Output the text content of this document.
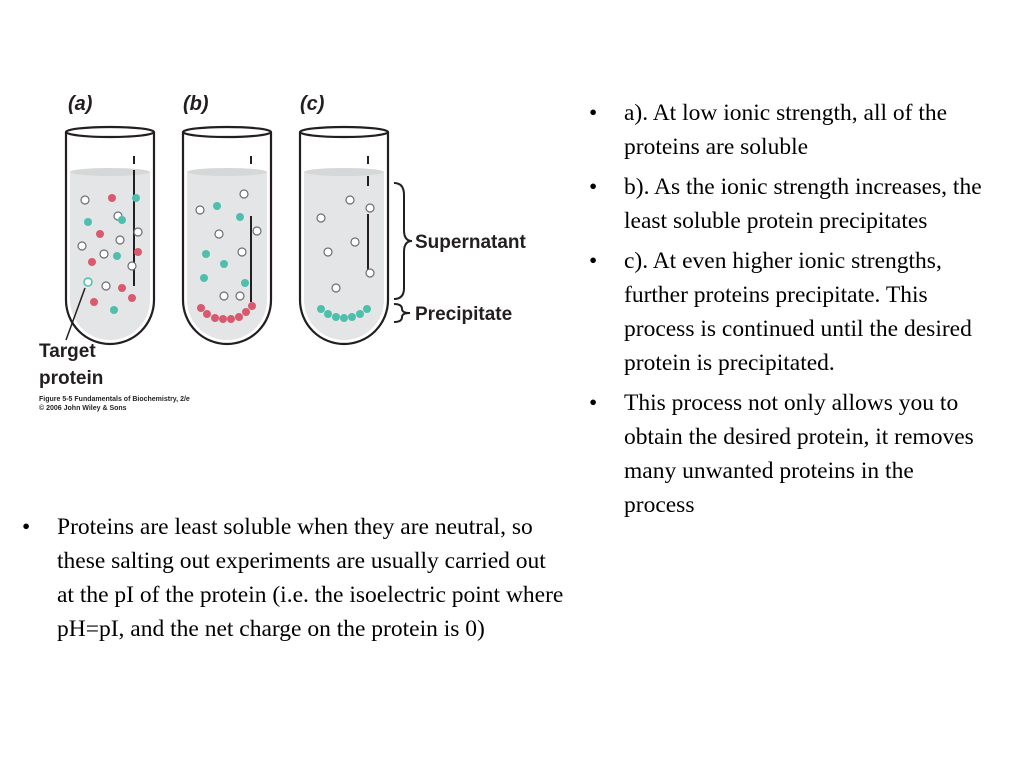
(a)	(b)	(c)
Supernatant
Precipitate
Target
protein
Figure 5-5 Fundamentals of Biochemistry, 2/e
© 2006 John Wiley & Sons
• a). At low ionic strength, all of the proteins are soluble
• b). As the ionic strength increases, the least soluble protein precipitates
• c). At even higher ionic strengths, further proteins precipitate. This process is continued until the desired protein is precipitated.
• This process not only allows you to obtain the desired protein, it removes many unwanted proteins in the process
• Proteins are least soluble when they are neutral, so these salting out experiments are usually carried out at the pI of the protein (i.e. the isoelectric point where pH=pI, and the net charge on the protein is 0)
